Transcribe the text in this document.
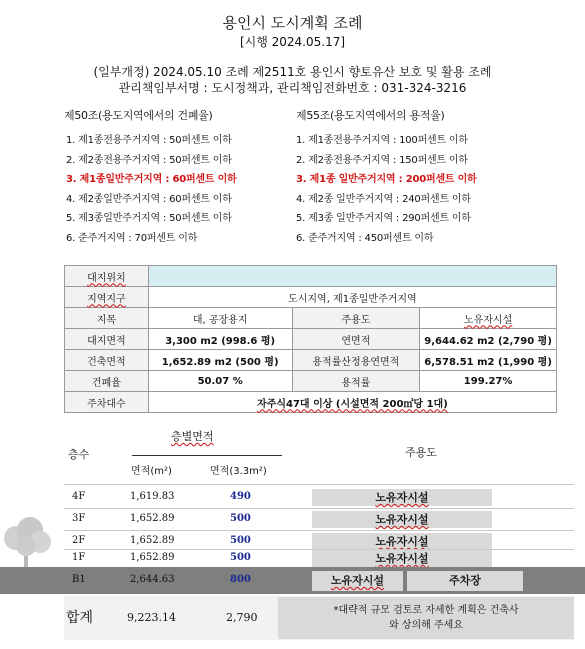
용인시 도시계획 조례
[시행 2024.05.17]
(일부개정) 2024.05.10 조례 제2511호 용인시 향토유산 보호 및 활용 조례
관리책임부서명 : 도시정책과, 관리책임전화번호 : 031-324-3216
제50조(용도지역에서의 건폐율)
1. 제1종전용주거지역 : 50퍼센트 이하
2. 제2종전용주거지역 : 50퍼센트 이하
3. 제1종일반주거지역 : 60퍼센트 이하
4. 제2종일반주거지역 : 60퍼센트 이하
5. 제3종일반주거지역 : 50퍼센트 이하
6. 준주거지역 : 70퍼센트 이하
제55조(용도지역에서의 용적율)
1. 제1종전용주거지역 : 100퍼센트 이하
2. 제2종전용주거지역 : 150퍼센트 이하
3. 제1종 일반주거지역 : 200퍼센트 이하
4. 제2종 일반주거지역 : 240퍼센트 이하
5. 제3종 일반주거지역 : 290퍼센트 이하
6. 준주거지역 : 450퍼센트 이하
대지위치			
지역지구	도시지역, 제1종일반주거지역		
지목	대, 공장용지	주용도	노유자시설
대지면적	3,300 m2 (998.6 평)	연면적	9,644.62 m2 (2,790 평)
건축면적	1,652.89 m2 (500 평)	용적률산정용연면적	6,578.51 m2 (1,990 평)
건폐율	50.07 %	용적률	199.27%
주차대수	자주식47대 이상 (시설면적 200㎡당 1대)		
층수
층별면적
주용도
면적(m²)	면적(3.3m²)
4F	1,619.83	490	노유자시설
3F	1,652.89	500	노유자시설
2F	1,652.89	500	노유자시설
1F	1,652.89	500	노유자시설
B1	2,644.63	800	노유자시설	주차장
합계	9,223.14	2,790
*대략적 규모 검토로 자세한 계획은 건축사
와 상의해 주세요
